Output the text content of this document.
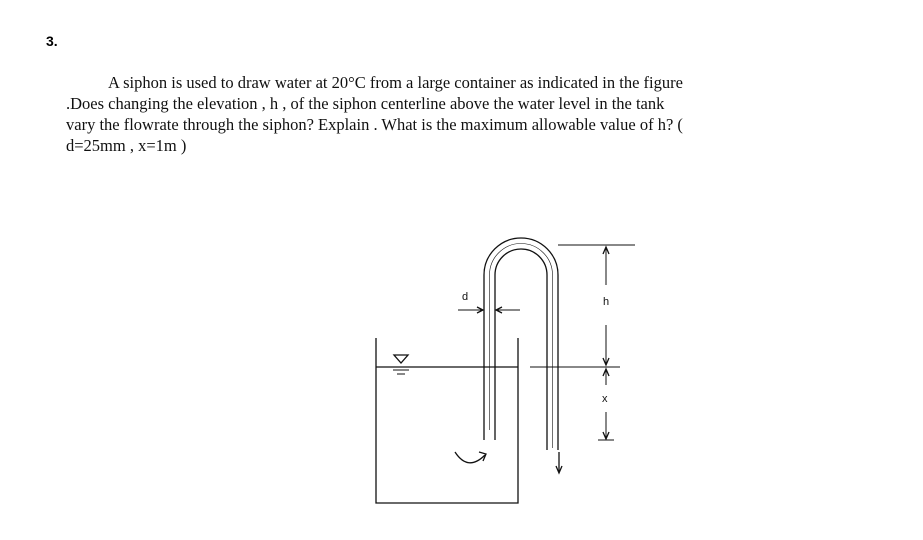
3.
A siphon is used to draw water at 20°C from a large container as indicated in the figure
.Does changing the elevation , h , of the siphon centerline above the water level in the tank
vary the flowrate through the siphon? Explain . What is the maximum allowable value of h? (
d=25mm , x=1m )
d	h
x
